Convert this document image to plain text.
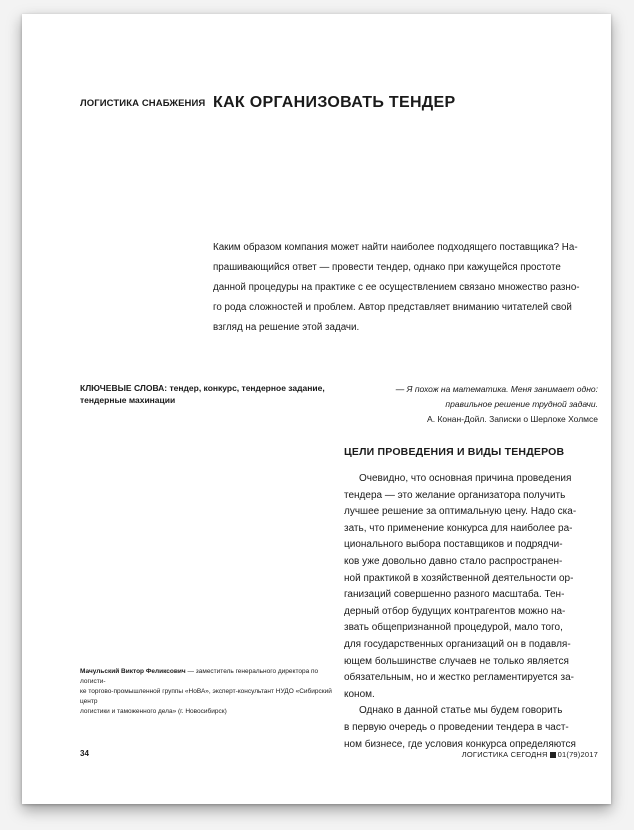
ЛОГИСТИКА СНАБЖЕНИЯ КАК ОРГАНИЗОВАТЬ ТЕНДЕР
Каким образом компания может найти наиболее подходящего поставщика? На-
прашивающийся ответ — провести тендер, однако при кажущейся простоте
данной процедуры на практике с ее осуществлением связано множество разно-
го рода сложностей и проблем. Автор представляет вниманию читателей свой
взгляд на решение этой задачи.
КЛЮЧЕВЫЕ СЛОВА: тендер, конкурс, тендерное задание,
тендерные махинации
— Я похож на математика. Меня занимает одно:
правильное решение трудной задачи.
А. Конан-Дойл. Записки о Шерлоке Холмсе
ЦЕЛИ ПРОВЕДЕНИЯ И ВИДЫ ТЕНДЕРОВ
Очевидно, что основная причина проведения
тендера — это желание организатора получить
лучшее решение за оптимальную цену. Надо ска-
зать, что применение конкурса для наиболее ра-
ционального выбора поставщиков и подрядчи-
ков уже довольно давно стало распространен-
ной практикой в хозяйственной деятельности ор-
ганизаций совершенно разного масштаба. Тен-
дерный отбор будущих контрагентов можно на-
звать общепризнанной процедурой, мало того,
для государственных организаций он в подавля-
ющем большинстве случаев не только является
обязательным, но и жестко регламентируется за-
коном.
Однако в данной статье мы будем говорить
в первую очередь о проведении тендера в част-
ном бизнесе, где условия конкурса определяются
Мачульский Виктор Феликсович — заместитель генерального директора по логисти-
ке торгово-промышленной группы «НоВА», эксперт-консультант НУДО «Сибирский центр
логистики и таможенного дела» (г. Новосибирск)
34	ЛОГИСТИКА СЕГОДНЯ 01(79)2017
